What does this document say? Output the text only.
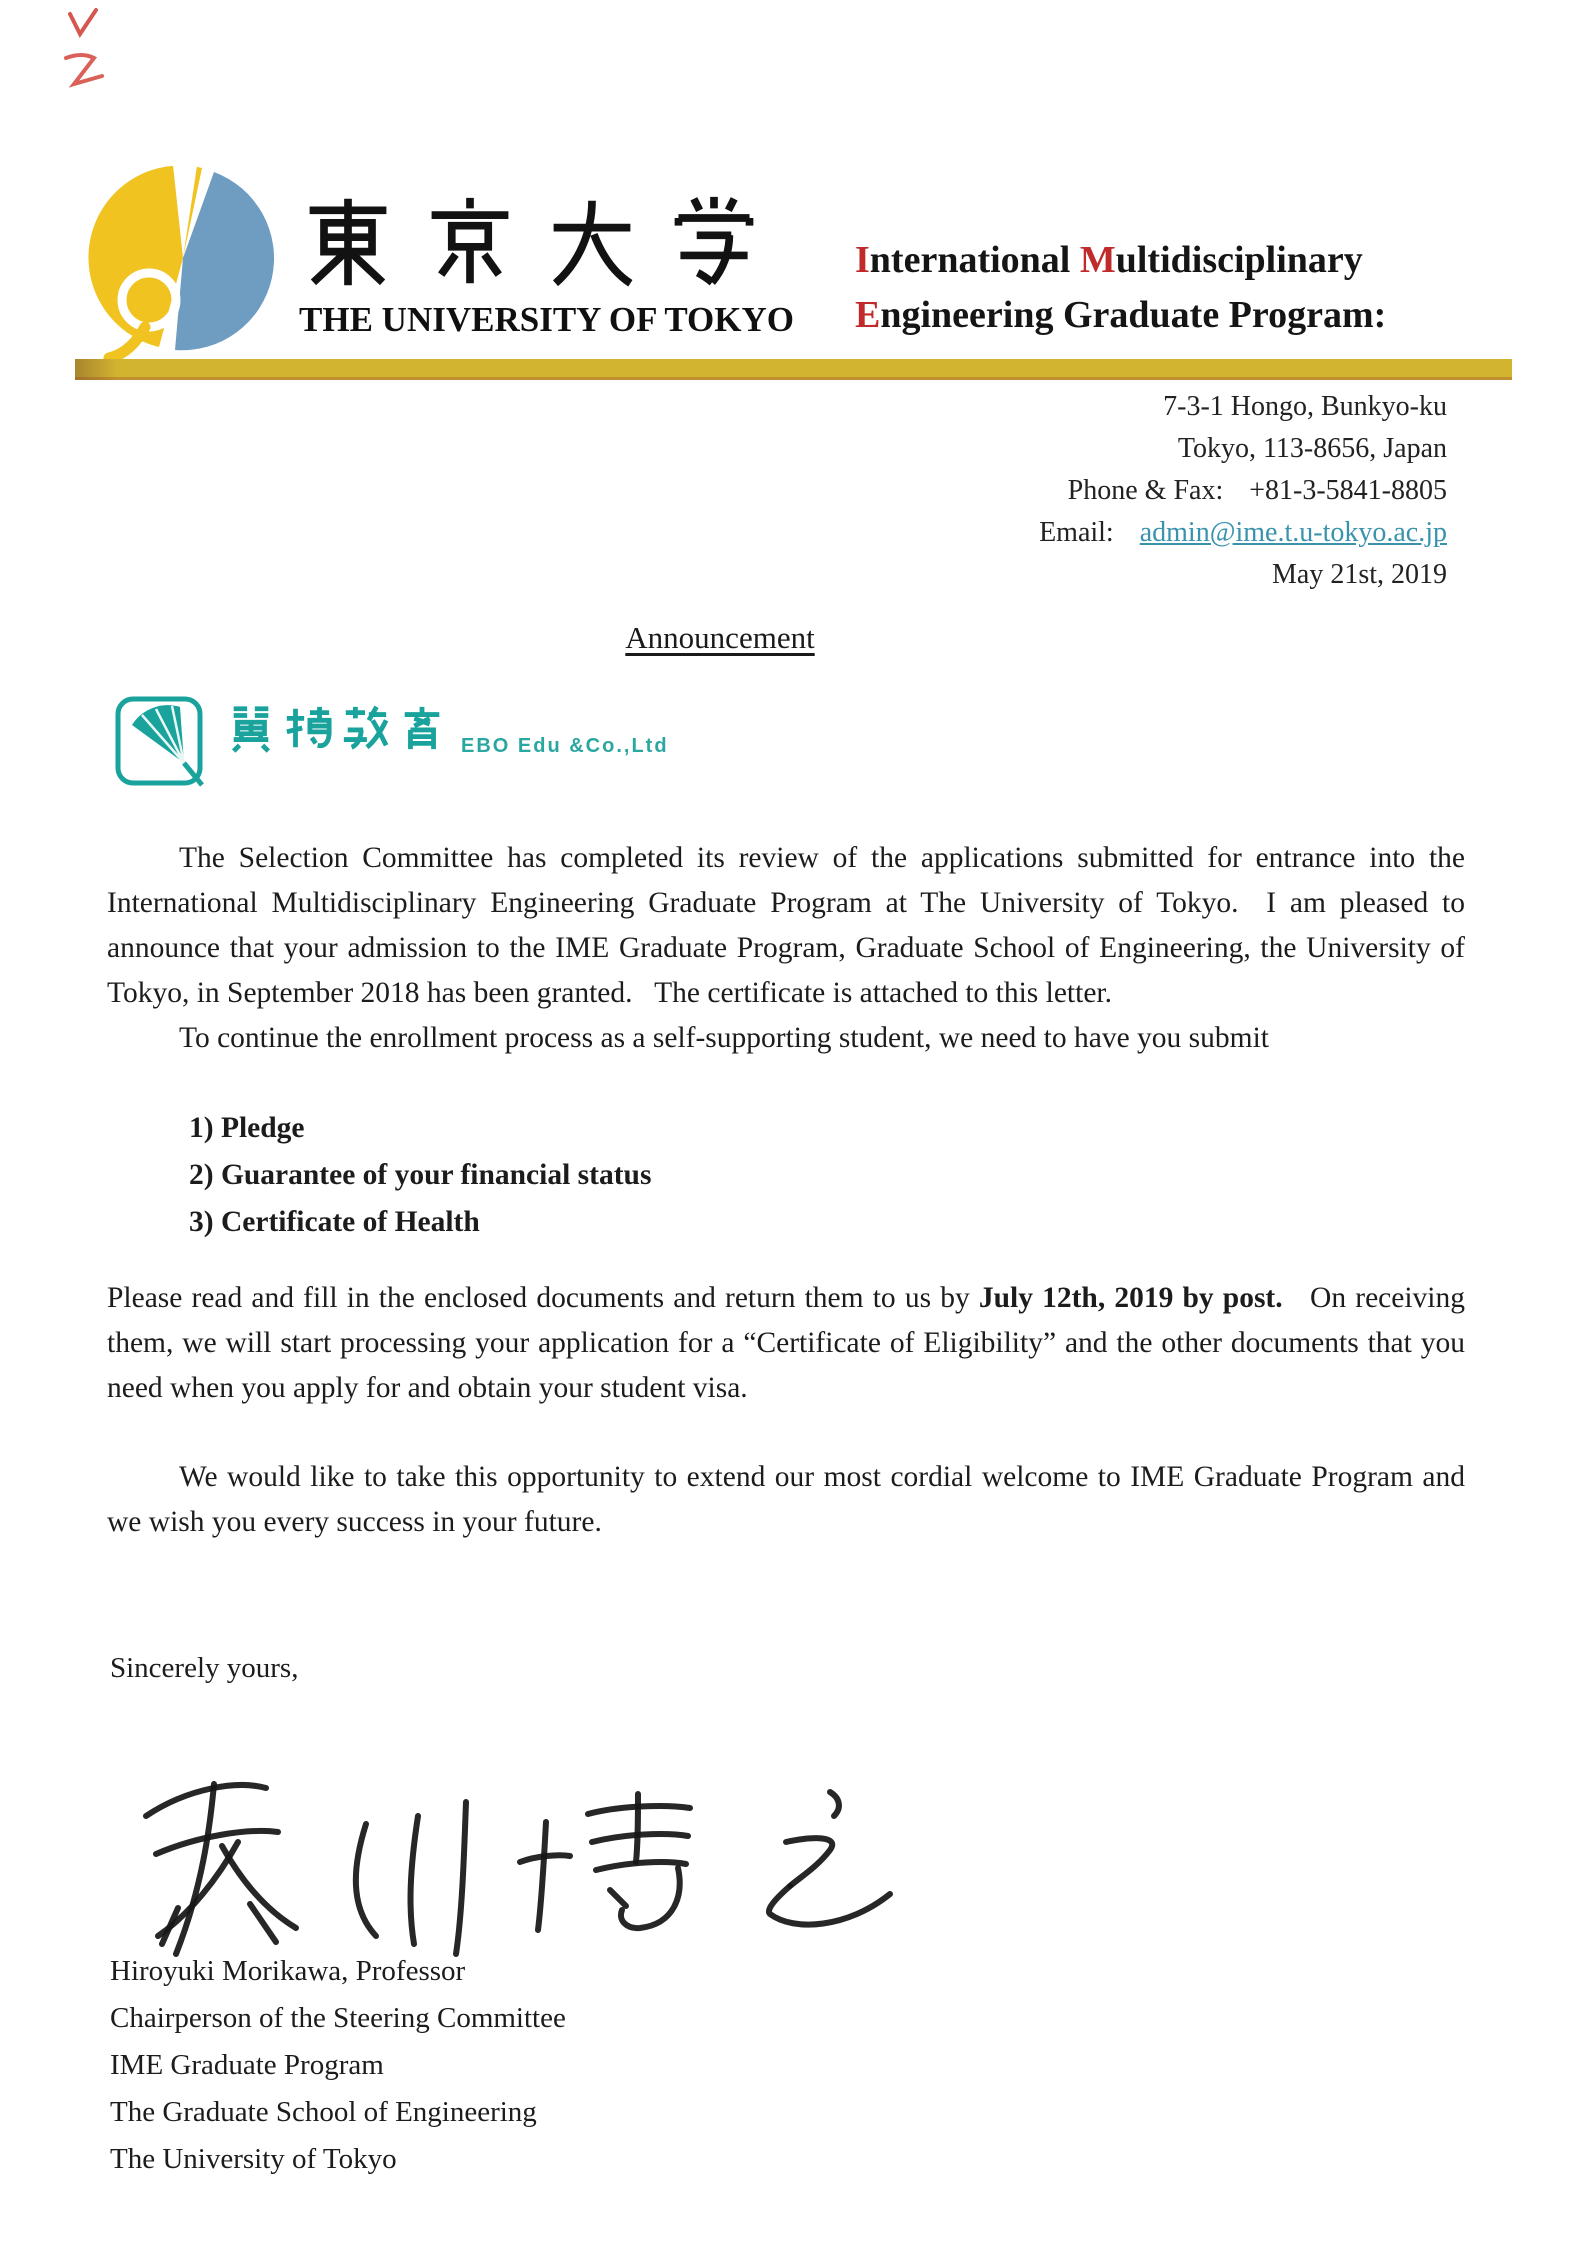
THE UNIVERSITY OF TOKYO
International Multidisciplinary
Engineering Graduate Program:
7-3-1 Hongo, Bunkyo-ku
Tokyo, 113-8656, Japan
Phone & Fax: +81-3-5841-8805
Email: admin@ime.t.u-tokyo.ac.jp
May 21st, 2019
Announcement
EBO Edu &Co.,Ltd

The Selection Committee has completed its review of the applications submitted for entrance into the International Multidisciplinary Engineering Graduate Program at The University of Tokyo.  I am pleased to announce that your admission to the IME Graduate Program, Graduate School of Engineering, the University of Tokyo, in September 2018 has been granted.   The certificate is attached to this letter.

To continue the enrollment process as a self-supporting student, we need to have you submit

1) Pledge
2) Guarantee of your financial status
3) Certificate of Health

Please read and fill in the enclosed documents and return them to us by July 12th, 2019 by post.   On receiving them, we will start processing your application for a “Certificate of Eligibility” and the other documents that you need when you apply for and obtain your student visa.

We would like to take this opportunity to extend our most cordial welcome to IME Graduate Program and we wish you every success in your future.

Sincerely yours,
Hiroyuki Morikawa, Professor
Chairperson of the Steering Committee
IME Graduate Program
The Graduate School of Engineering
The University of Tokyo
